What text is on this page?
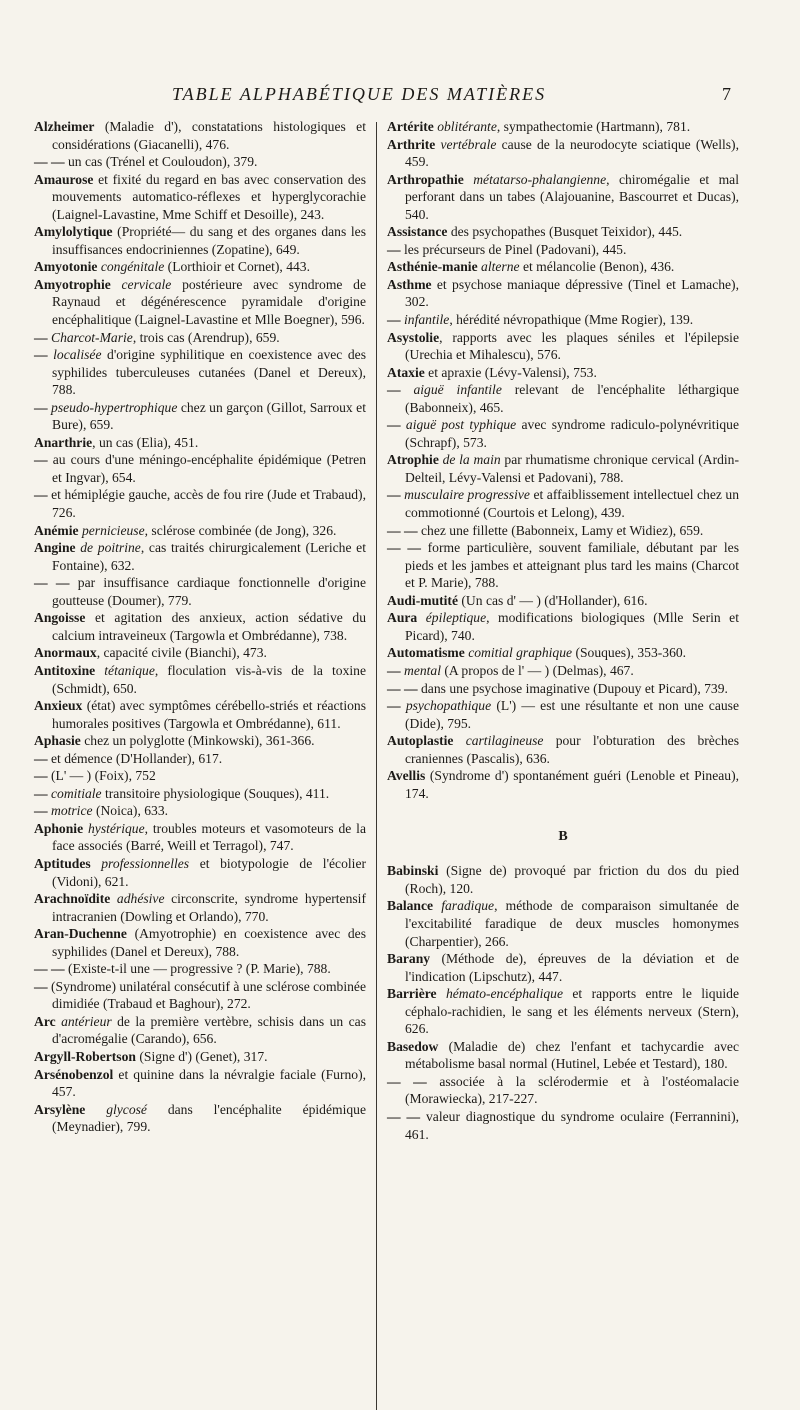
TABLE ALPHABÉTIQUE DES MATIÈRES	7

Alzheimer (Maladie d'), constatations histologiques et considérations (Giacanelli), 476.

— — un cas (Trénel et Couloudon), 379.

Amaurose et fixité du regard en bas avec conservation des mouvements automatico-réflexes et hyperglycorachie (Laignel-Lavastine, Mme Schiff et Desoille), 243.

Amylolytique (Propriété— du sang et des organes dans les insuffisances endocriniennes (Zopatine), 649.

Amyotonie congénitale (Lorthioir et Cornet), 443.

Amyotrophie cervicale postérieure avec syndrome de Raynaud et dégénérescence pyramidale d'origine encéphalitique (Laignel-Lavastine et Mlle Boegner), 596.

— Charcot-Marie, trois cas (Arendrup), 659.

— localisée d'origine syphilitique en coexistence avec des syphilides tuberculeuses cutanées (Danel et Dereux), 788.

— pseudo-hypertrophique chez un garçon (Gillot, Sarroux et Bure), 659.

Anarthrie, un cas (Elia), 451.

— au cours d'une méningo-encéphalite épidémique (Petren et Ingvar), 654.

— et hémiplégie gauche, accès de fou rire (Jude et Trabaud), 726.

Anémie pernicieuse, sclérose combinée (de Jong), 326.

Angine de poitrine, cas traités chirurgicalement (Leriche et Fontaine), 632.

— — par insuffisance cardiaque fonctionnelle d'origine goutteuse (Doumer), 779.

Angoisse et agitation des anxieux, action sédative du calcium intraveineux (Targowla et Ombrédanne), 738.

Anormaux, capacité civile (Bianchi), 473.

Antitoxine tétanique, floculation vis-à-vis de la toxine (Schmidt), 650.

Anxieux (état) avec symptômes cérébello-striés et réactions humorales positives (Targowla et Ombrédanne), 611.

Aphasie chez un polyglotte (Minkowski), 361-366.

— et démence (D'Hollander), 617.

— (L' — ) (Foix), 752

— comitiale transitoire physiologique (Souques), 411.

— motrice (Noica), 633.

Aphonie hystérique, troubles moteurs et vasomoteurs de la face associés (Barré, Weill et Terragol), 747.

Aptitudes professionnelles et biotypologie de l'écolier (Vidoni), 621.

Arachnoïdite adhésive circonscrite, syndrome hypertensif intracranien (Dowling et Orlando), 770.

Aran-Duchenne (Amyotrophie) en coexistence avec des syphilides (Danel et Dereux), 788.

— — (Existe-t-il une — progressive ? (P. Marie), 788.

— (Syndrome) unilatéral consécutif à une sclérose combinée dimidiée (Trabaud et Baghour), 272.

Arc antérieur de la première vertèbre, schisis dans un cas d'acromégalie (Carando), 656.

Argyll-Robertson (Signe d') (Genet), 317.

Arsénobenzol et quinine dans la névralgie faciale (Furno), 457.

Arsylène glycosé dans l'encéphalite épidémique (Meynadier), 799.

Artérite oblitérante, sympathectomie (Hartmann), 781.

Arthrite vertébrale cause de la neurodocyte sciatique (Wells), 459.

Arthropathie métatarso-phalangienne, chiromégalie et mal perforant dans un tabes (Alajouanine, Bascourret et Ducas), 540.

Assistance des psychopathes (Busquet Teixidor), 445.

— les précurseurs de Pinel (Padovani), 445.

Asthénie-manie alterne et mélancolie (Benon), 436.

Asthme et psychose maniaque dépressive (Tinel et Lamache), 302.

— infantile, hérédité névropathique (Mme Rogier), 139.

Asystolie, rapports avec les plaques séniles et l'épilepsie (Urechia et Mihalescu), 576.

Ataxie et apraxie (Lévy-Valensi), 753.

— aiguë infantile relevant de l'encéphalite léthargique (Babonneix), 465.

— aiguë post typhique avec syndrome radiculo-polynévritique (Schrapf), 573.

Atrophie de la main par rhumatisme chronique cervical (Ardin-Delteil, Lévy-Valensi et Padovani), 788.

— musculaire progressive et affaiblissement intellectuel chez un commotionné (Courtois et Lelong), 439.

— — chez une fillette (Babonneix, Lamy et Widiez), 659.

— — forme particulière, souvent familiale, débutant par les pieds et les jambes et atteignant plus tard les mains (Charcot et P. Marie), 788.

Audi-mutité (Un cas d' — ) (d'Hollander), 616.

Aura épileptique, modifications biologiques (Mlle Serin et Picard), 740.

Automatisme comitial graphique (Souques), 353-360.

— mental (A propos de l' — ) (Delmas), 467.

— — dans une psychose imaginative (Dupouy et Picard), 739.

— psychopathique (L') — est une résultante et non une cause (Dide), 795.

Autoplastie cartilagineuse pour l'obturation des brèches craniennes (Pascalis), 636.

Avellis (Syndrome d') spontanément guéri (Lenoble et Pineau), 174.

B

Babinski (Signe de) provoqué par friction du dos du pied (Roch), 120.

Balance faradique, méthode de comparaison simultanée de l'excitabilité faradique de deux muscles homonymes (Charpentier), 266.

Barany (Méthode de), épreuves de la déviation et de l'indication (Lipschutz), 447.

Barrière hémato-encéphalique et rapports entre le liquide céphalo-rachidien, le sang et les éléments nerveux (Stern), 626.

Basedow (Maladie de) chez l'enfant et tachycardie avec métabolisme basal normal (Hutinel, Lebée et Testard), 180.

— — associée à la sclérodermie et à l'ostéomalacie (Morawiecka), 217-227.

— — valeur diagnostique du syndrome oculaire (Ferrannini), 461.
